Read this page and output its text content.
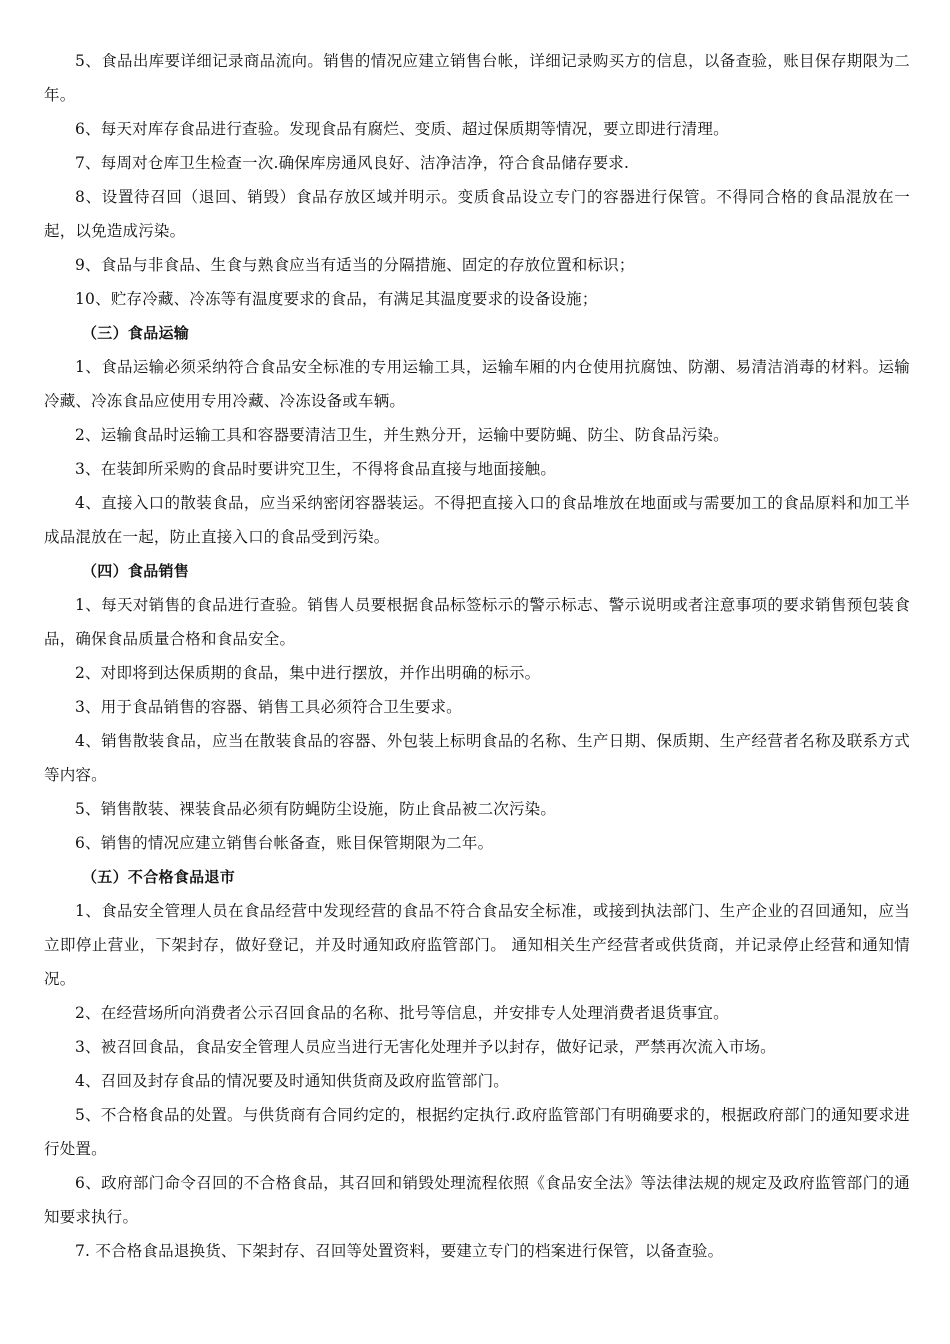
5、食品出库要详细记录商品流向。销售的情况应建立销售台帐，详细记录购买方的信息，以备查验，账目保存期限为二年。

6、每天对库存食品进行查验。发现食品有腐烂、变质、超过保质期等情况，要立即进行清理。

7、每周对仓库卫生检查一次.确保库房通风良好、洁净洁净，符合食品储存要求.

8、设置待召回（退回、销毁）食品存放区域并明示。变质食品设立专门的容器进行保管。不得同合格的食品混放在一起，以免造成污染。

9、食品与非食品、生食与熟食应当有适当的分隔措施、固定的存放位置和标识；

10、贮存冷藏、冷冻等有温度要求的食品，有满足其温度要求的设备设施；

（三）食品运输

1、食品运输必须采纳符合食品安全标准的专用运输工具，运输车厢的内仓使用抗腐蚀、防潮、易清洁消毒的材料。运输冷藏、冷冻食品应使用专用冷藏、冷冻设备或车辆。

2、运输食品时运输工具和容器要清洁卫生，并生熟分开，运输中要防蝇、防尘、防食品污染。

3、在装卸所采购的食品时要讲究卫生，不得将食品直接与地面接触。

4、直接入口的散装食品，应当采纳密闭容器装运。不得把直接入口的食品堆放在地面或与需要加工的食品原料和加工半成品混放在一起，防止直接入口的食品受到污染。

（四）食品销售

1、每天对销售的食品进行查验。销售人员要根据食品标签标示的警示标志、警示说明或者注意事项的要求销售预包装食品，确保食品质量合格和食品安全。

2、对即将到达保质期的食品，集中进行摆放，并作出明确的标示。

3、用于食品销售的容器、销售工具必须符合卫生要求。

4、销售散装食品，应当在散装食品的容器、外包装上标明食品的名称、生产日期、保质期、生产经营者名称及联系方式等内容。

5、销售散装、裸装食品必须有防蝇防尘设施，防止食品被二次污染。

6、销售的情况应建立销售台帐备查，账目保管期限为二年。

（五）不合格食品退市

1、食品安全管理人员在食品经营中发现经营的食品不符合食品安全标准，或接到执法部门、生产企业的召回通知，应当立即停止营业，下架封存，做好登记，并及时通知政府监管部门。 通知相关生产经营者或供货商，并记录停止经营和通知情况。

2、在经营场所向消费者公示召回食品的名称、批号等信息，并安排专人处理消费者退货事宜。

3、被召回食品，食品安全管理人员应当进行无害化处理并予以封存，做好记录，严禁再次流入市场。

4、召回及封存食品的情况要及时通知供货商及政府监管部门。

5、不合格食品的处置。与供货商有合同约定的，根据约定执行.政府监管部门有明确要求的，根据政府部门的通知要求进行处置。

6、政府部门命令召回的不合格食品，其召回和销毁处理流程依照《食品安全法》等法律法规的规定及政府监管部门的通知要求执行。

7. 不合格食品退换货、下架封存、召回等处置资料，要建立专门的档案进行保管，以备查验。
